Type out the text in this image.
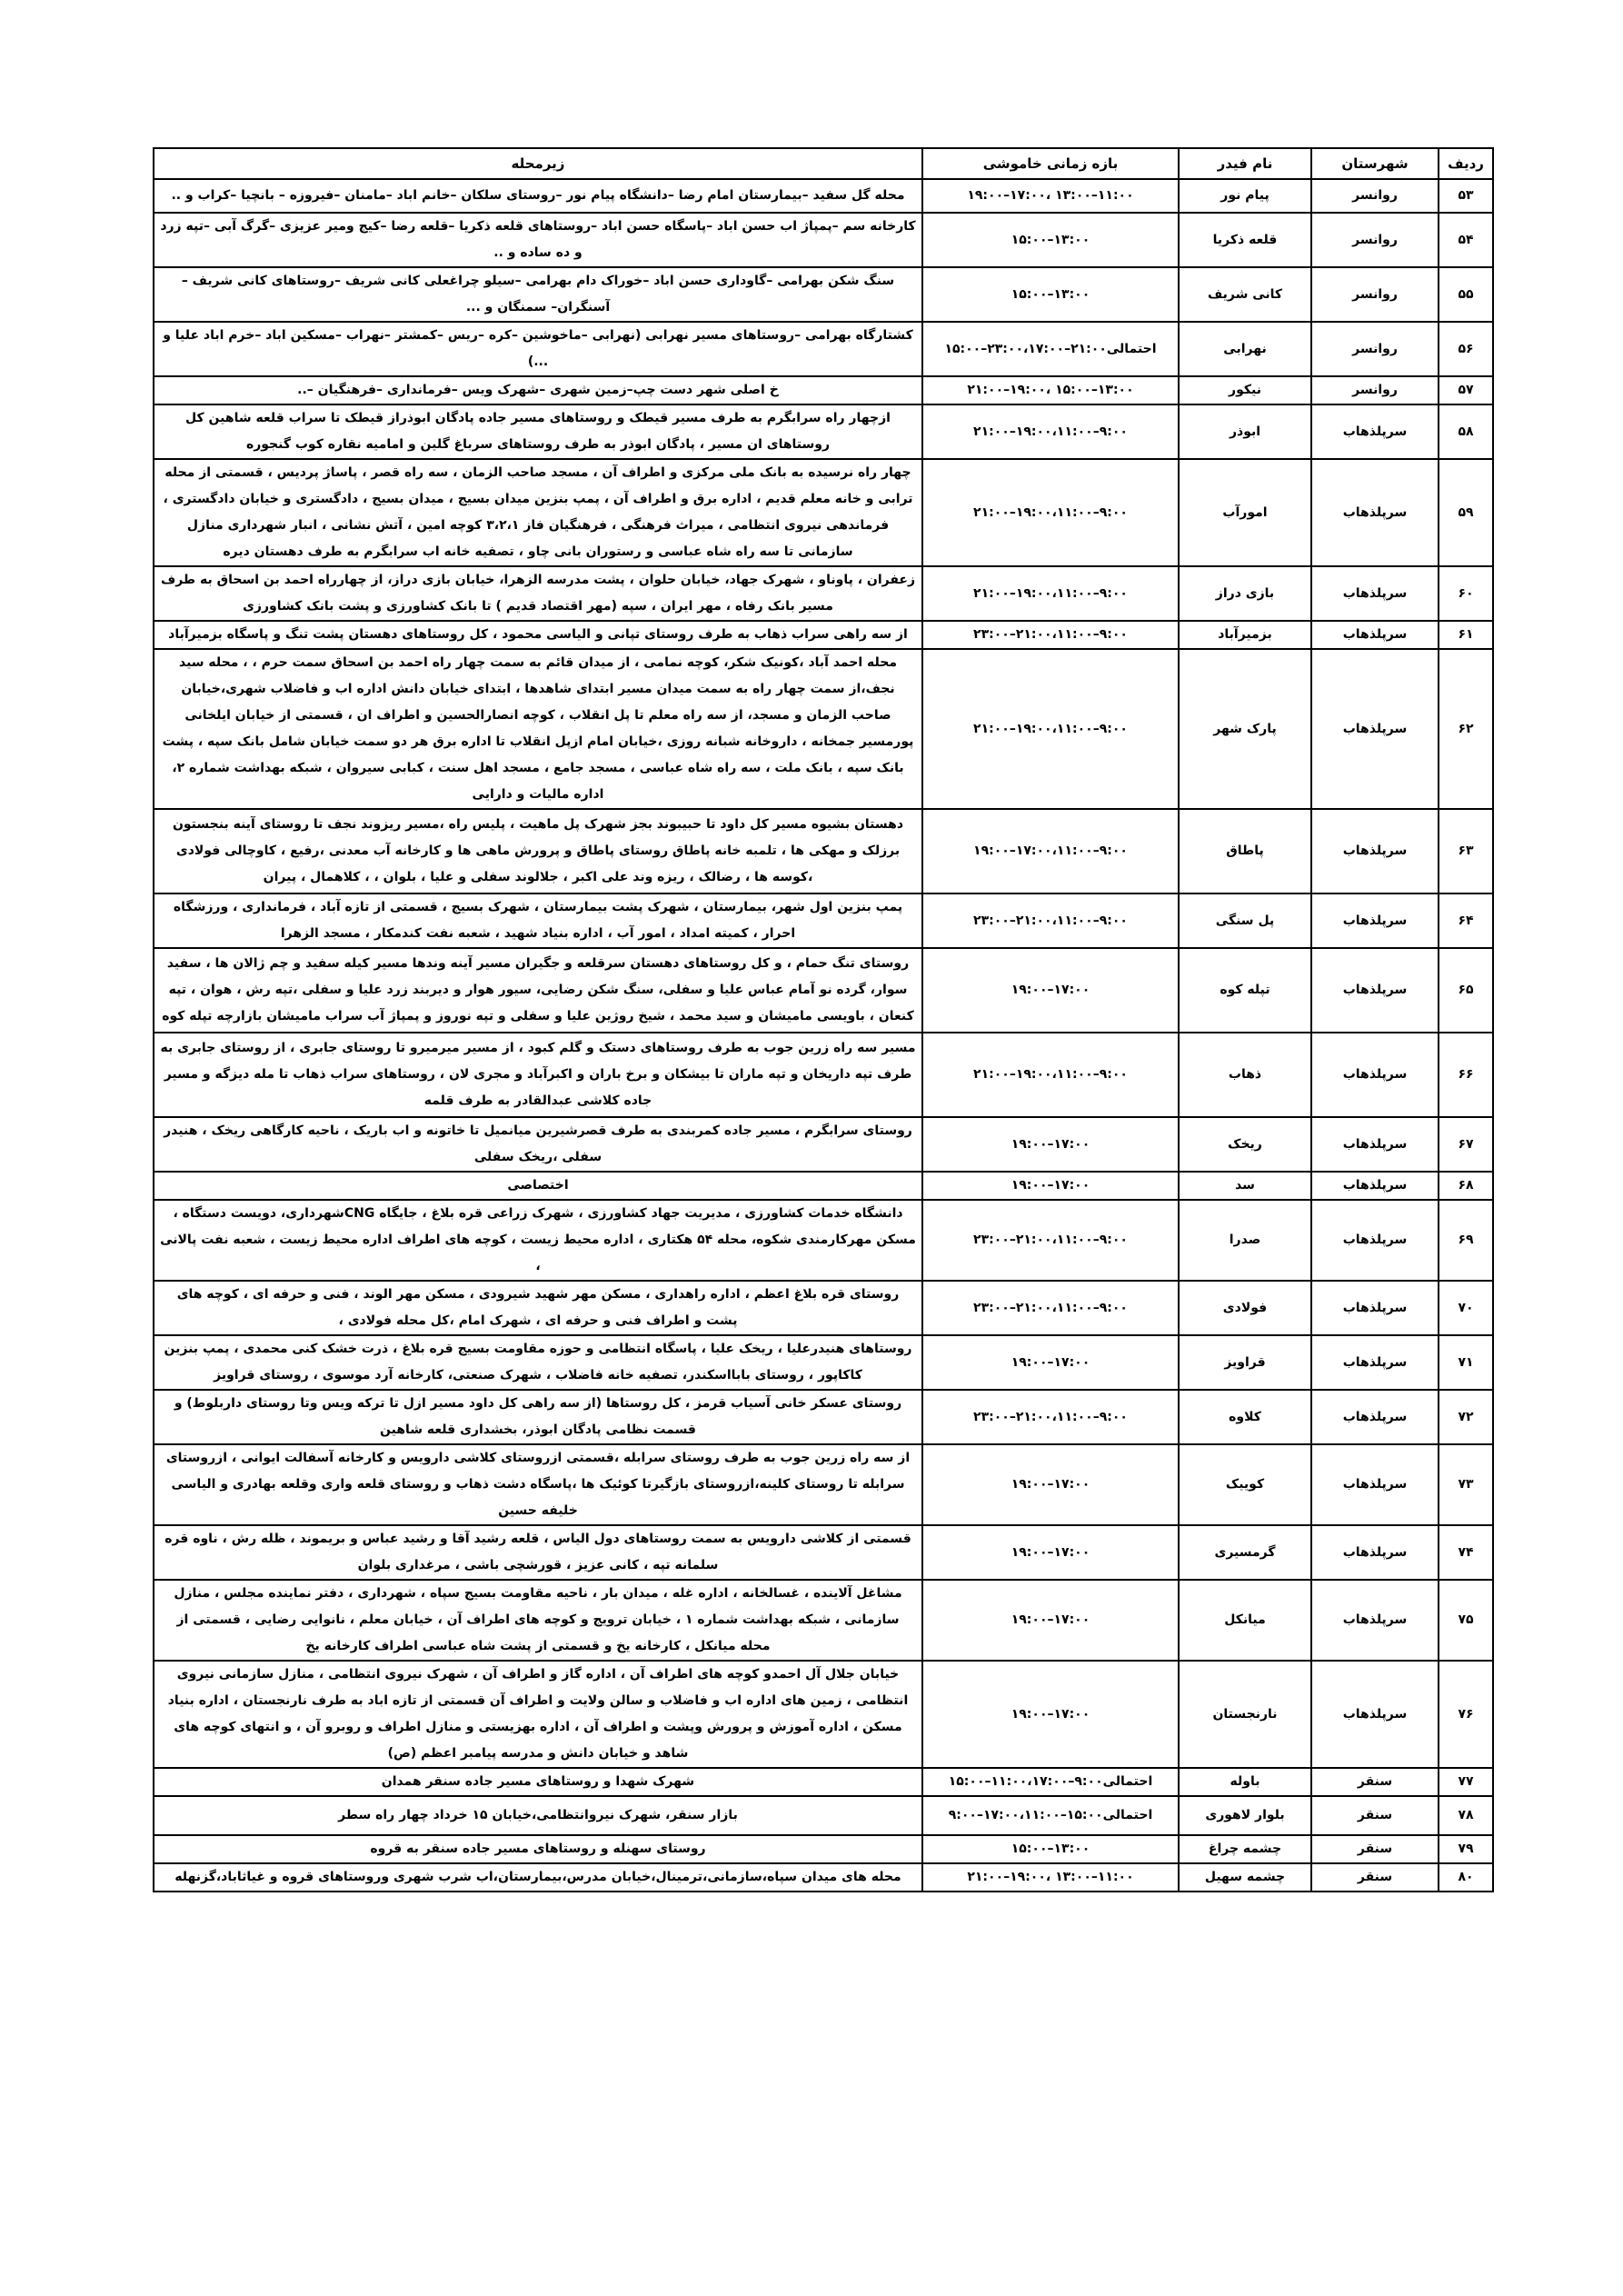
ردیف	شهرستان	نام فیدر	بازه زمانی خاموشی	زیرمحله
۵۳	روانسر	پیام نور	۱۹:۰۰–۱۷:۰۰، ۱۳:۰۰–۱۱:۰۰	محله گل سفید –بیمارستان امام رضا –دانشگاه پیام نور –روستای سلکان –خانم اباد –مامنان –فیروزه – بانچیا –کراب و ..
۵۴	روانسر	قلعه ذکریا	۱۵:۰۰–۱۳:۰۰	کارخانه سم –پمپاژ اب حسن اباد –پاسگاه حسن اباد –روستاهای قلعه ذکریا –قلعه رضا –کیج ومیر عزیزی –گرگ آبی –تپه زرد و ده ساده و ..
۵۵	روانسر	کانی شریف	۱۵:۰۰–۱۳:۰۰	سنگ شکن بهرامی –گاوداری حسن اباد –خوراک دام بهرامی –سیلو چراغعلی کانی شریف –روستاهای کانی شریف –آسنگران– سمنگان و ...
۵۶	روانسر	نهرابی	احتمالی۲۱:۰۰–۲۳:۰۰،۱۷:۰۰–۱۵:۰۰	کشتارگاه بهرامی –روستاهای مسیر نهرابی (نهرابی –ماخوشین –کره –ریس –کمشتر –نهراب –مسکین اباد –خرم اباد علیا و ...)
۵۷	روانسر	نیکور	۲۱:۰۰–۱۹:۰۰، ۱۵:۰۰–۱۳:۰۰	خ اصلی شهر دست چپ–زمین شهری –شهرک ویس –فرمانداری –فرهنگیان –..
۵۸	سرپلذهاب	ابوذر	۲۱:۰۰–۱۹:۰۰،۱۱:۰۰–۹:۰۰	ازچهار راه سرابگرم به طرف مسیر قیطک و روستاهای مسیر جاده پادگان ابوذراز قیطک تا سراب قلعه شاهین کل روستاهای ان مسیر ، پادگان ابوذر به طرف روستاهای سرباغ گلین و امامیه نقاره کوب گنجوره
۵۹	سرپلذهاب	امورآب	۲۱:۰۰–۱۹:۰۰،۱۱:۰۰–۹:۰۰	چهار راه نرسیده به بانک ملی مرکزی و اطراف آن ، مسجد صاحب الزمان ، سه راه قصر ، پاساژ پردیس ، قسمتی از محله ترابی و خانه معلم قدیم ، اداره برق و اطراف آن ، پمپ بنزین میدان بسیج ، میدان بسیج ، دادگستری و خیابان دادگستری ، فرماندهی نیروی انتظامی ، میراث فرهنگی ، فرهنگیان فاز ۳،۲،۱ کوچه امین ، آتش نشانی ، انبار شهرداری منازل سازمانی تا سه راه شاه عباسی و رستوران بانی چاو ، تصفیه خانه اب سرابگرم به طرف دهستان دیره
۶۰	سرپلذهاب	بازی دراز	۲۱:۰۰–۱۹:۰۰،۱۱:۰۰–۹:۰۰	زعفران ، پاوناو ، شهرک جهاد، خیابان حلوان ، پشت مدرسه الزهرا، خیابان بازی دراز، از چهارراه احمد بن اسحاق به طرف مسیر بانک رفاه ، مهر ایران ، سپه (مهر اقتصاد قدیم ) تا بانک کشاورزی و پشت بانک کشاورزی
۶۱	سرپلذهاب	بزمیرآباد	۲۳:۰۰–۲۱:۰۰،۱۱:۰۰–۹:۰۰	از سه راهی سراب ذهاب به طرف روستای تپانی و الیاسی محمود ، کل روستاهای دهستان پشت تنگ و پاسگاه بزمیرآباد
۶۲	سرپلذهاب	پارک شهر	۲۱:۰۰–۱۹:۰۰،۱۱:۰۰–۹:۰۰	محله احمد آباد ،کونیک شکر، کوچه نمامی ، از میدان قائم به سمت چهار راه احمد بن اسحاق سمت حرم ، ، محله سید نجف،از سمت چهار راه به سمت میدان مسیر ابتدای شاهدها ، ابتدای خیابان دانش اداره اب و فاضلاب شهری،خیابان صاحب الزمان و مسجد، از سه راه معلم تا پل انقلاب ، کوچه انصارالحسین و اطراف ان ، قسمتی از خیابان ایلخانی پورمسیر جمخانه ، داروخانه شبانه روزی ،خیابان امام ازپل انقلاب تا اداره برق هر دو سمت خیابان شامل بانک سپه ، پشت بانک سپه ، بانک ملت ، سه راه شاه عباسی ، مسجد جامع ، مسجد اهل سنت ، کبابی سیروان ، شبکه بهداشت شماره ۲، اداره مالیات و دارایی
۶۳	سرپلذهاب	پاطاق	۱۹:۰۰–۱۷:۰۰،۱۱:۰۰–۹:۰۰	دهستان بشیوه مسیر کل داود تا حبیبوند بجز شهرک پل ماهیت ، پلیس راه ،مسیر ریزوند نجف تا روستای آینه بنجستون برزلک و مهکی ها ، تلمبه خانه پاطاق روستای پاطاق و پرورش ماهی ها و کارخانه آب معدنی ،رفیع ، کاوچالی فولادی ،کوسه ها ، رضالک ، ریزه وند علی اکبر ، جلالوند سفلی و علیا ، بلوان ، ، کلاهمال ، پیران
۶۴	سرپلذهاب	پل سنگی	۲۳:۰۰–۲۱:۰۰،۱۱:۰۰–۹:۰۰	پمپ بنزین اول شهر، بیمارستان ، شهرک پشت بیمارستان ، شهرک بسیج ، قسمتی از تازه آباد ، فرمانداری ، ورزشگاه احرار ، کمیته امداد ، امور آب ، اداره بنیاد شهید ، شعبه نفت کندمکار ، مسجد الزهرا
۶۵	سرپلذهاب	تپله کوه	۱۹:۰۰–۱۷:۰۰	روستای تنگ حمام ، و کل روستاهای دهستان سرقلعه و جگیران مسیر آینه وندها مسیر کیله سفید و چم ژالان ها ، سفید سوار، گرده نو آمام عباس علیا و سفلی، سنگ شکن رضایی، سیور هوار و دیربند زرد علیا و سفلی ،تپه رش ، هوان ، تپه کنعان ، باویسی مامیشان و سید محمد ، شیخ روژین علیا و سفلی و تپه نوروز و پمپاژ آب سراب مامیشان بازارچه تپله کوه
۶۶	سرپلذهاب	ذهاب	۲۱:۰۰–۱۹:۰۰،۱۱:۰۰–۹:۰۰	مسیر سه راه زرین جوب به طرف روستاهای دستک و گلم کبود ، از مسیر میرمیرو تا روستای جابری ، از روستای جابری به طرف تپه داریخان و تپه ماران تا بیشکان و برخ باران و اکبرآباد و مجری لان ، روستاهای سراب ذهاب تا مله دیزگه و مسیر جاده کلاشی عبدالقادر به طرف قلمه
۶۷	سرپلذهاب	ریخک	۱۹:۰۰–۱۷:۰۰	روستای سرابگرم ، مسیر جاده کمربندی به طرف قصرشیرین میانمیل تا خاتونه و اب باریک ، ناحیه کارگاهی ریخک ، هنیدر سفلی ،ریخک سفلی
۶۸	سرپلذهاب	سد	۱۹:۰۰–۱۷:۰۰	اختصاصی
۶۹	سرپلذهاب	صدرا	۲۳:۰۰–۲۱:۰۰،۱۱:۰۰–۹:۰۰	دانشگاه خدمات کشاورزی ، مدیریت جهاد کشاورزی ، شهرک زراعی قره بلاغ ، جایگاه CNGشهرداری، دویست دستگاه ، مسکن مهرکارمندی شکوه، محله ۵۴ هکتاری ، اداره محیط زیست ، کوچه های اطراف اداره محیط زیست ، شعبه نفت پالانی ،
۷۰	سرپلذهاب	فولادی	۲۳:۰۰–۲۱:۰۰،۱۱:۰۰–۹:۰۰	روستای قره بلاغ اعظم ، اداره راهداری ، مسکن مهر شهید شیرودی ، مسکن مهر الوند ، فنی و حرفه ای ، کوچه های پشت و اطراف فنی و حرفه ای ، شهرک امام ،کل محله فولادی ،
۷۱	سرپلذهاب	قراویز	۱۹:۰۰–۱۷:۰۰	روستاهای هنیدرعلیا ، ریخک علیا ، پاسگاه انتظامی و حوزه مقاومت بسیج قره بلاغ ، ذرت خشک کنی محمدی ، پمپ بنزین کاکاپور ، روستای بابااسکندر، تصفیه خانه فاضلاب ، شهرک صنعتی، کارخانه آرد موسوی ، روستای قراویز
۷۲	سرپلذهاب	کلاوه	۲۳:۰۰–۲۱:۰۰،۱۱:۰۰–۹:۰۰	روستای عسکر خانی آسیاب قرمز ، کل روستاها (از سه راهی کل داود مسیر ازل تا ترکه ویس وتا روستای داربلوط) و قسمت نظامی پادگان ابوذر، بخشداری قلعه شاهین
۷۳	سرپلذهاب	کوییک	۱۹:۰۰–۱۷:۰۰	از سه راه زرین جوب به طرف روستای سرابله ،قسمتی ازروستای کلاشی دارویس و کارخانه آسفالت ایوانی ، ازروستای سرابله تا روستای کلینه،ازروستای بازگیرتا کوئیک ها ،پاسگاه دشت ذهاب و روستای قلعه واری وقلعه بهادری و الیاسی خلیفه حسین
۷۴	سرپلذهاب	گرمسیری	۱۹:۰۰–۱۷:۰۰	قسمتی از کلاشی دارویس به سمت روستاهای دول الیاس ، قلعه رشید آقا و رشید عباس و بریموند ، ظله رش ، ناوه قره سلمانه تپه ، کانی عزیز ، قورشچی باشی ، مرغداری بلوان
۷۵	سرپلذهاب	میانکل	۱۹:۰۰–۱۷:۰۰	مشاغل آلاینده ، غسالخانه ، اداره غله ، میدان بار ، ناحیه مقاومت بسیج سپاه ، شهرداری ، دفتر نماینده مجلس ، منازل سازمانی ، شبکه بهداشت شماره ۱ ، خیابان ترویج و کوچه های اطراف آن ، خیابان معلم ، نانوایی رضایی ، قسمتی از محله میانکل ، کارخانه یخ و قسمتی از پشت شاه عباسی اطراف کارخانه یخ
۷۶	سرپلذهاب	نارنجستان	۱۹:۰۰–۱۷:۰۰	خیابان جلال آل احمدو کوچه های اطراف آن ، اداره گاز و اطراف آن ، شهرک نیروی انتظامی ، منازل سازمانی نیروی انتظامی ، زمین های اداره اب و فاضلاب و سالن ولایت و اطراف آن قسمتی از تازه اباد به طرف نارنجستان ، اداره بنیاد مسکن ، اداره آموزش و پرورش وپشت و اطراف آن ، اداره بهزیستی و منازل اطراف و روبرو آن ، و انتهای کوچه های شاهد و خیابان دانش و مدرسه پیامبر اعظم (ص)
۷۷	سنقر	باوله	احتمالی۹:۰۰–۱۱:۰۰،۱۷:۰۰–۱۵:۰۰	شهرک شهدا و روستاهای مسیر جاده سنقر همدان
۷۸	سنقر	بلوار لاهوری	احتمالی۱۵:۰۰–۱۷:۰۰،۱۱:۰۰–۹:۰۰	بازار سنقر، شهرک نیروانتظامی،خیابان ۱۵ خرداد چهار راه سطر
۷۹	سنقر	چشمه چراغ	۱۵:۰۰–۱۳:۰۰	روستای سهنله و روستاهای مسیر جاده سنقر به قروه
۸۰	سنقر	چشمه سهیل	۲۱:۰۰–۱۹:۰۰، ۱۳:۰۰–۱۱:۰۰	محله های میدان سپاه،سازمانی،ترمینال،خیابان مدرس،بیمارستان،اب شرب شهری وروستاهای قروه و غیاثاباد،گزنهله
